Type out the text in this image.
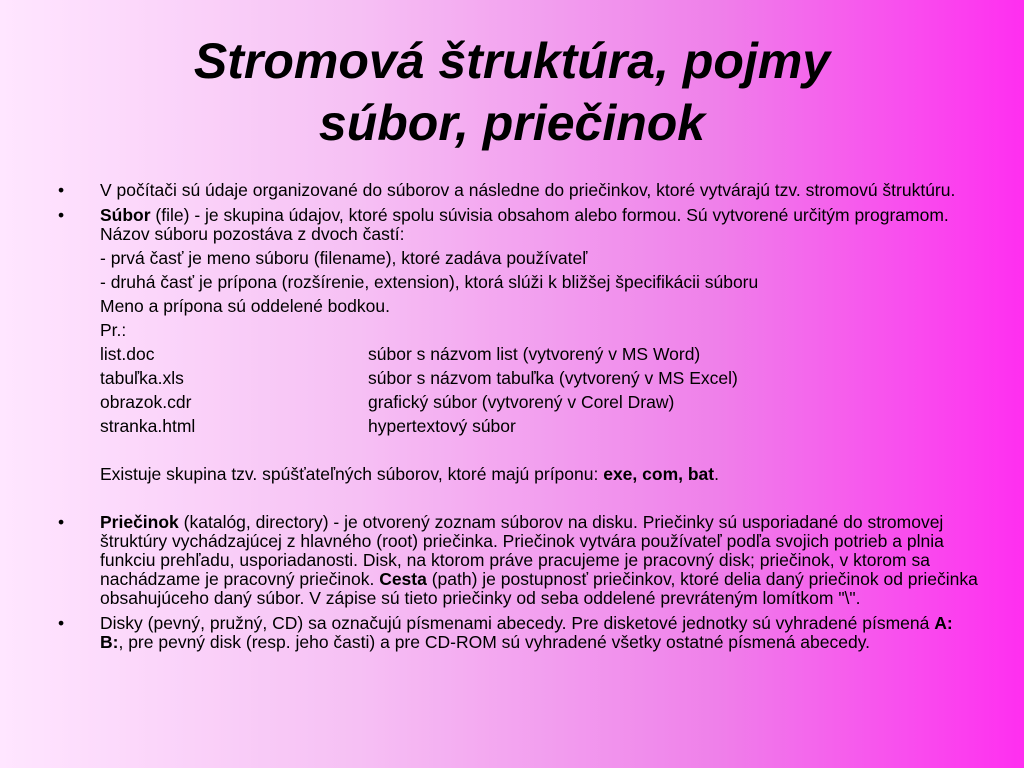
Stromová štruktúra, pojmy
súbor, priečinok
•	V počítači sú údaje organizované do súborov a následne do priečinkov, ktoré vytvárajú tzv. stromovú štruktúru.
•	Súbor (file) - je skupina údajov, ktoré spolu súvisia obsahom alebo formou. Sú vytvorené určitým programom. Názov súboru pozostáva z dvoch častí:
- prvá časť je meno súboru (filename), ktoré zadáva používateľ
- druhá časť je prípona (rozšírenie, extension), ktorá slúži k bližšej špecifikácii súboru
Meno a prípona sú oddelené bodkou.
Pr.:
list.doc	súbor s názvom list (vytvorený v MS Word)
tabuľka.xls	súbor s názvom tabuľka (vytvorený v MS Excel)
obrazok.cdr	grafický súbor (vytvorený v Corel Draw)
stranka.html	hypertextový súbor
Existuje skupina tzv. spúšťateľných súborov, ktoré majú príponu: exe, com, bat.
•	Priečinok (katalóg, directory) - je otvorený zoznam súborov na disku. Priečinky sú usporiadané do stromovej štruktúry vychádzajúcej z hlavného (root) priečinka. Priečinok vytvára používateľ podľa svojich potrieb a plnia funkciu prehľadu, usporiadanosti. Disk, na ktorom práve pracujeme je pracovný disk; priečinok, v ktorom sa nachádzame je pracovný priečinok. Cesta (path) je postupnosť priečinkov, ktoré delia daný priečinok od priečinka obsahujúceho daný súbor. V zápise sú tieto priečinky od seba oddelené prevráteným lomítkom "\".
•	Disky (pevný, pružný, CD) sa označujú písmenami abecedy. Pre disketové jednotky sú vyhradené písmená A: B:, pre pevný disk (resp. jeho časti) a pre CD-ROM sú vyhradené všetky ostatné písmená abecedy.
